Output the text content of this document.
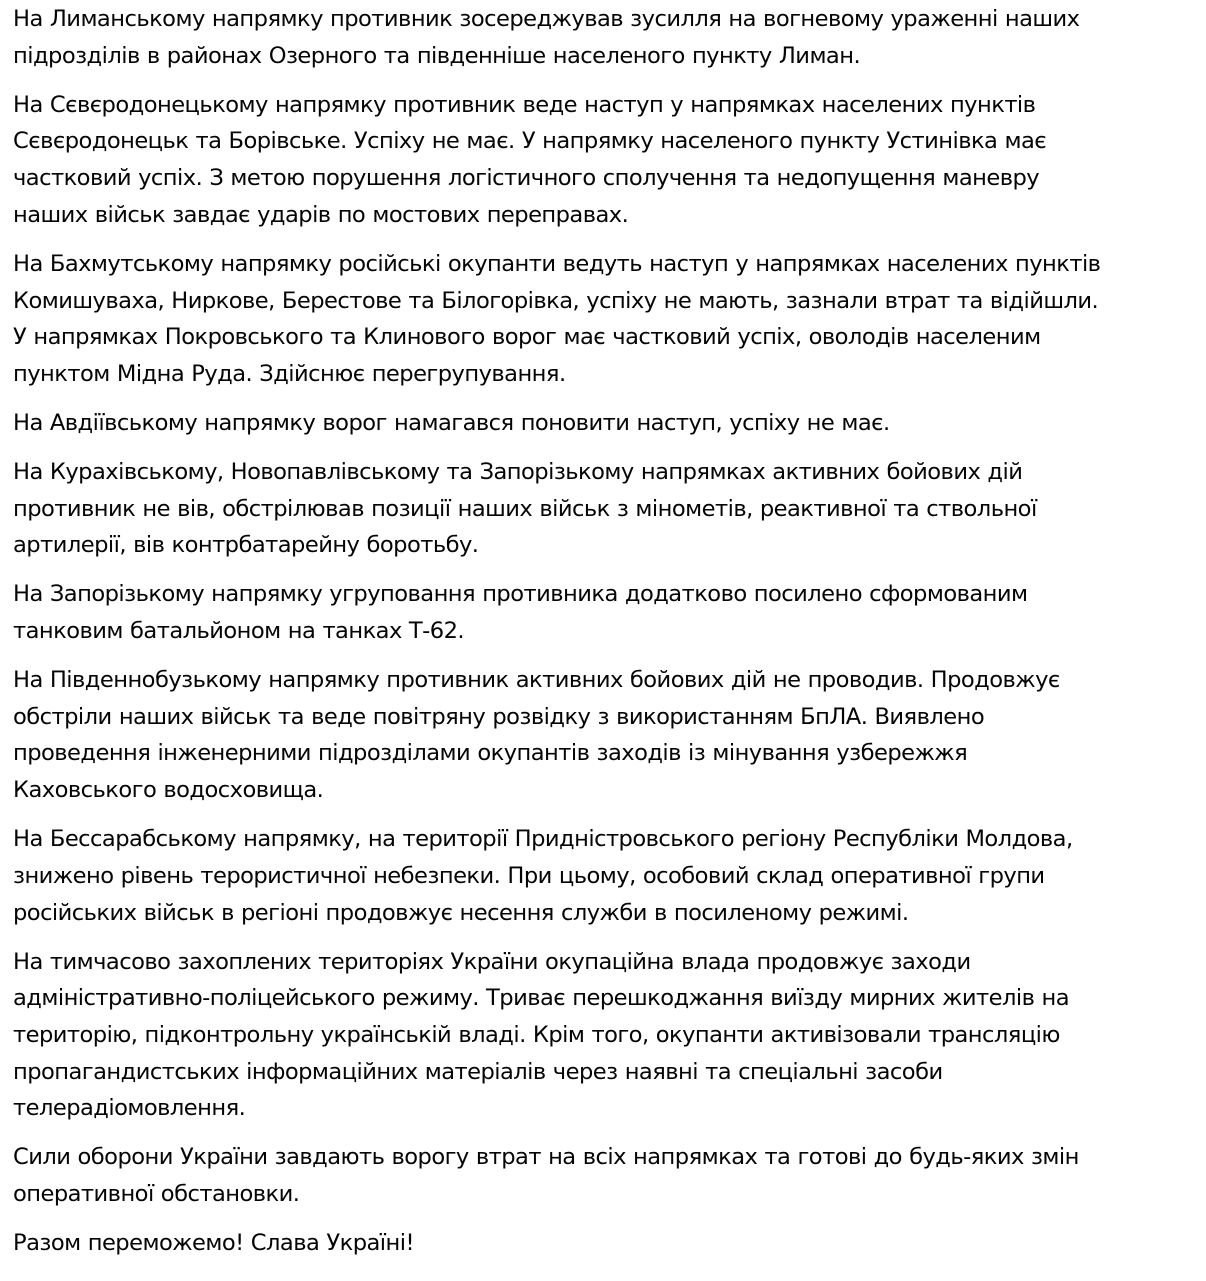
На Лиманському напрямку противник зосереджував зусилля на вогневому ураженні наших
підрозділів в районах Озерного та південніше населеного пункту Лиман.

На Сєвєродонецькому напрямку противник веде наступ у напрямках населених пунктів
Сєвєродонецьк та Борівське. Успіху не має. У напрямку населеного пункту Устинівка має
частковий успіх. З метою порушення логістичного сполучення та недопущення маневру
наших військ завдає ударів по мостових переправах.

На Бахмутському напрямку російські окупанти ведуть наступ у напрямках населених пунктів
Комишуваха, Нирковe, Берестове та Білогорівка, успіху не мають, зазнали втрат та відійшли.
У напрямках Покровського та Клинового ворог має частковий успіх, оволодів населеним
пунктом Мідна Руда. Здійснює перегрупування.

На Авдіївському напрямку ворог намагався поновити наступ, успіху не має.

На Курахівському, Новопавлівському та Запорізькому напрямках активних бойових дій
противник не вів, обстрілював позиції наших військ з мінометів, реактивної та ствольної
артилерії, вів контрбатарейну боротьбу.

На Запорізькому напрямку угруповання противника додатково посилено сформованим
танковим батальйоном на танках Т-62.

На Південнобузькому напрямку противник активних бойових дій не проводив. Продовжує
обстріли наших військ та веде повітряну розвідку з використанням БпЛА. Виявлено
проведення інженерними підрозділами окупантів заходів із мінування узбережжя
Каховського водосховища.

На Бессарабському напрямку, на території Придністровського регіону Республіки Молдова,
знижено рівень терористичної небезпеки. При цьому, особовий склад оперативної групи
російських військ в регіоні продовжує несення служби в посиленому режимі.

На тимчасово захоплених територіях України окупаційна влада продовжує заходи
адміністративно-поліцейського режиму. Триває перешкоджання виїзду мирних жителів на
територію, підконтрольну українській владі. Крім того, окупанти активізовали трансляцію
пропагандистських інформаційних матеріалів через наявні та спеціальні засоби
телерадіомовлення.

Сили оборони України завдають ворогу втрат на всіх напрямках та готові до будь-яких змін
оперативної обстановки.

Разом переможемо! Слава Україні!
